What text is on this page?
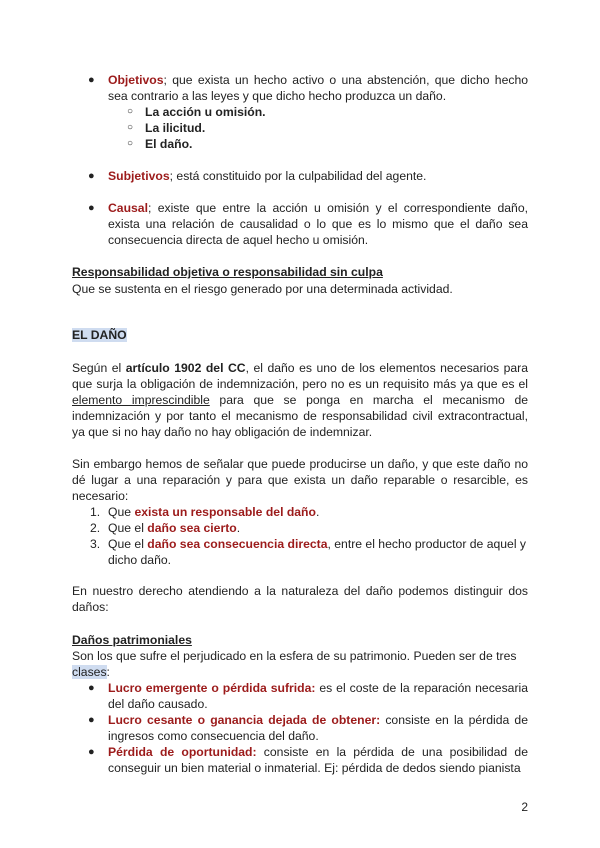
● Objetivos; que exista un hecho activo o una abstención, que dicho hecho sea contrario a las leyes y que dicho hecho produzca un daño.

○ La acción u omisión.

○ La ilicitud.

○ El daño.

● Subjetivos; está constituido por la culpabilidad del agente.

● Causal; existe que entre la acción u omisión y el correspondiente daño, exista una relación de causalidad o lo que es lo mismo que el daño sea consecuencia directa de aquel hecho u omisión.

Responsabilidad objetiva o responsabilidad sin culpa

Que se sustenta en el riesgo generado por una determinada actividad.

EL DAÑO

Según el artículo 1902 del CC, el daño es uno de los elementos necesarios para que surja la obligación de indemnización, pero no es un requisito más ya que es el elemento imprescindible para que se ponga en marcha el mecanismo de indemnización y por tanto el mecanismo de responsabilidad civil extracontractual, ya que si no hay daño no hay obligación de indemnizar.

Sin embargo hemos de señalar que puede producirse un daño, y que este daño no dé lugar a una reparación y para que exista un daño reparable o resarcible, es necesario:

1. Que exista un responsable del daño.

2. Que el daño sea cierto.

3. Que el daño sea consecuencia directa, entre el hecho productor de aquel y dicho daño.

En nuestro derecho atendiendo a la naturaleza del daño podemos distinguir dos daños:

Daños patrimoniales

Son los que sufre el perjudicado en la esfera de su patrimonio. Pueden ser de tres clases:

● Lucro emergente o pérdida sufrida: es el coste de la reparación necesaria del daño causado.

● Lucro cesante o ganancia dejada de obtener: consiste en la pérdida de ingresos como consecuencia del daño.

● Pérdida de oportunidad: consiste en la pérdida de una posibilidad de conseguir un bien material o inmaterial. Ej: pérdida de dedos siendo pianista

2
